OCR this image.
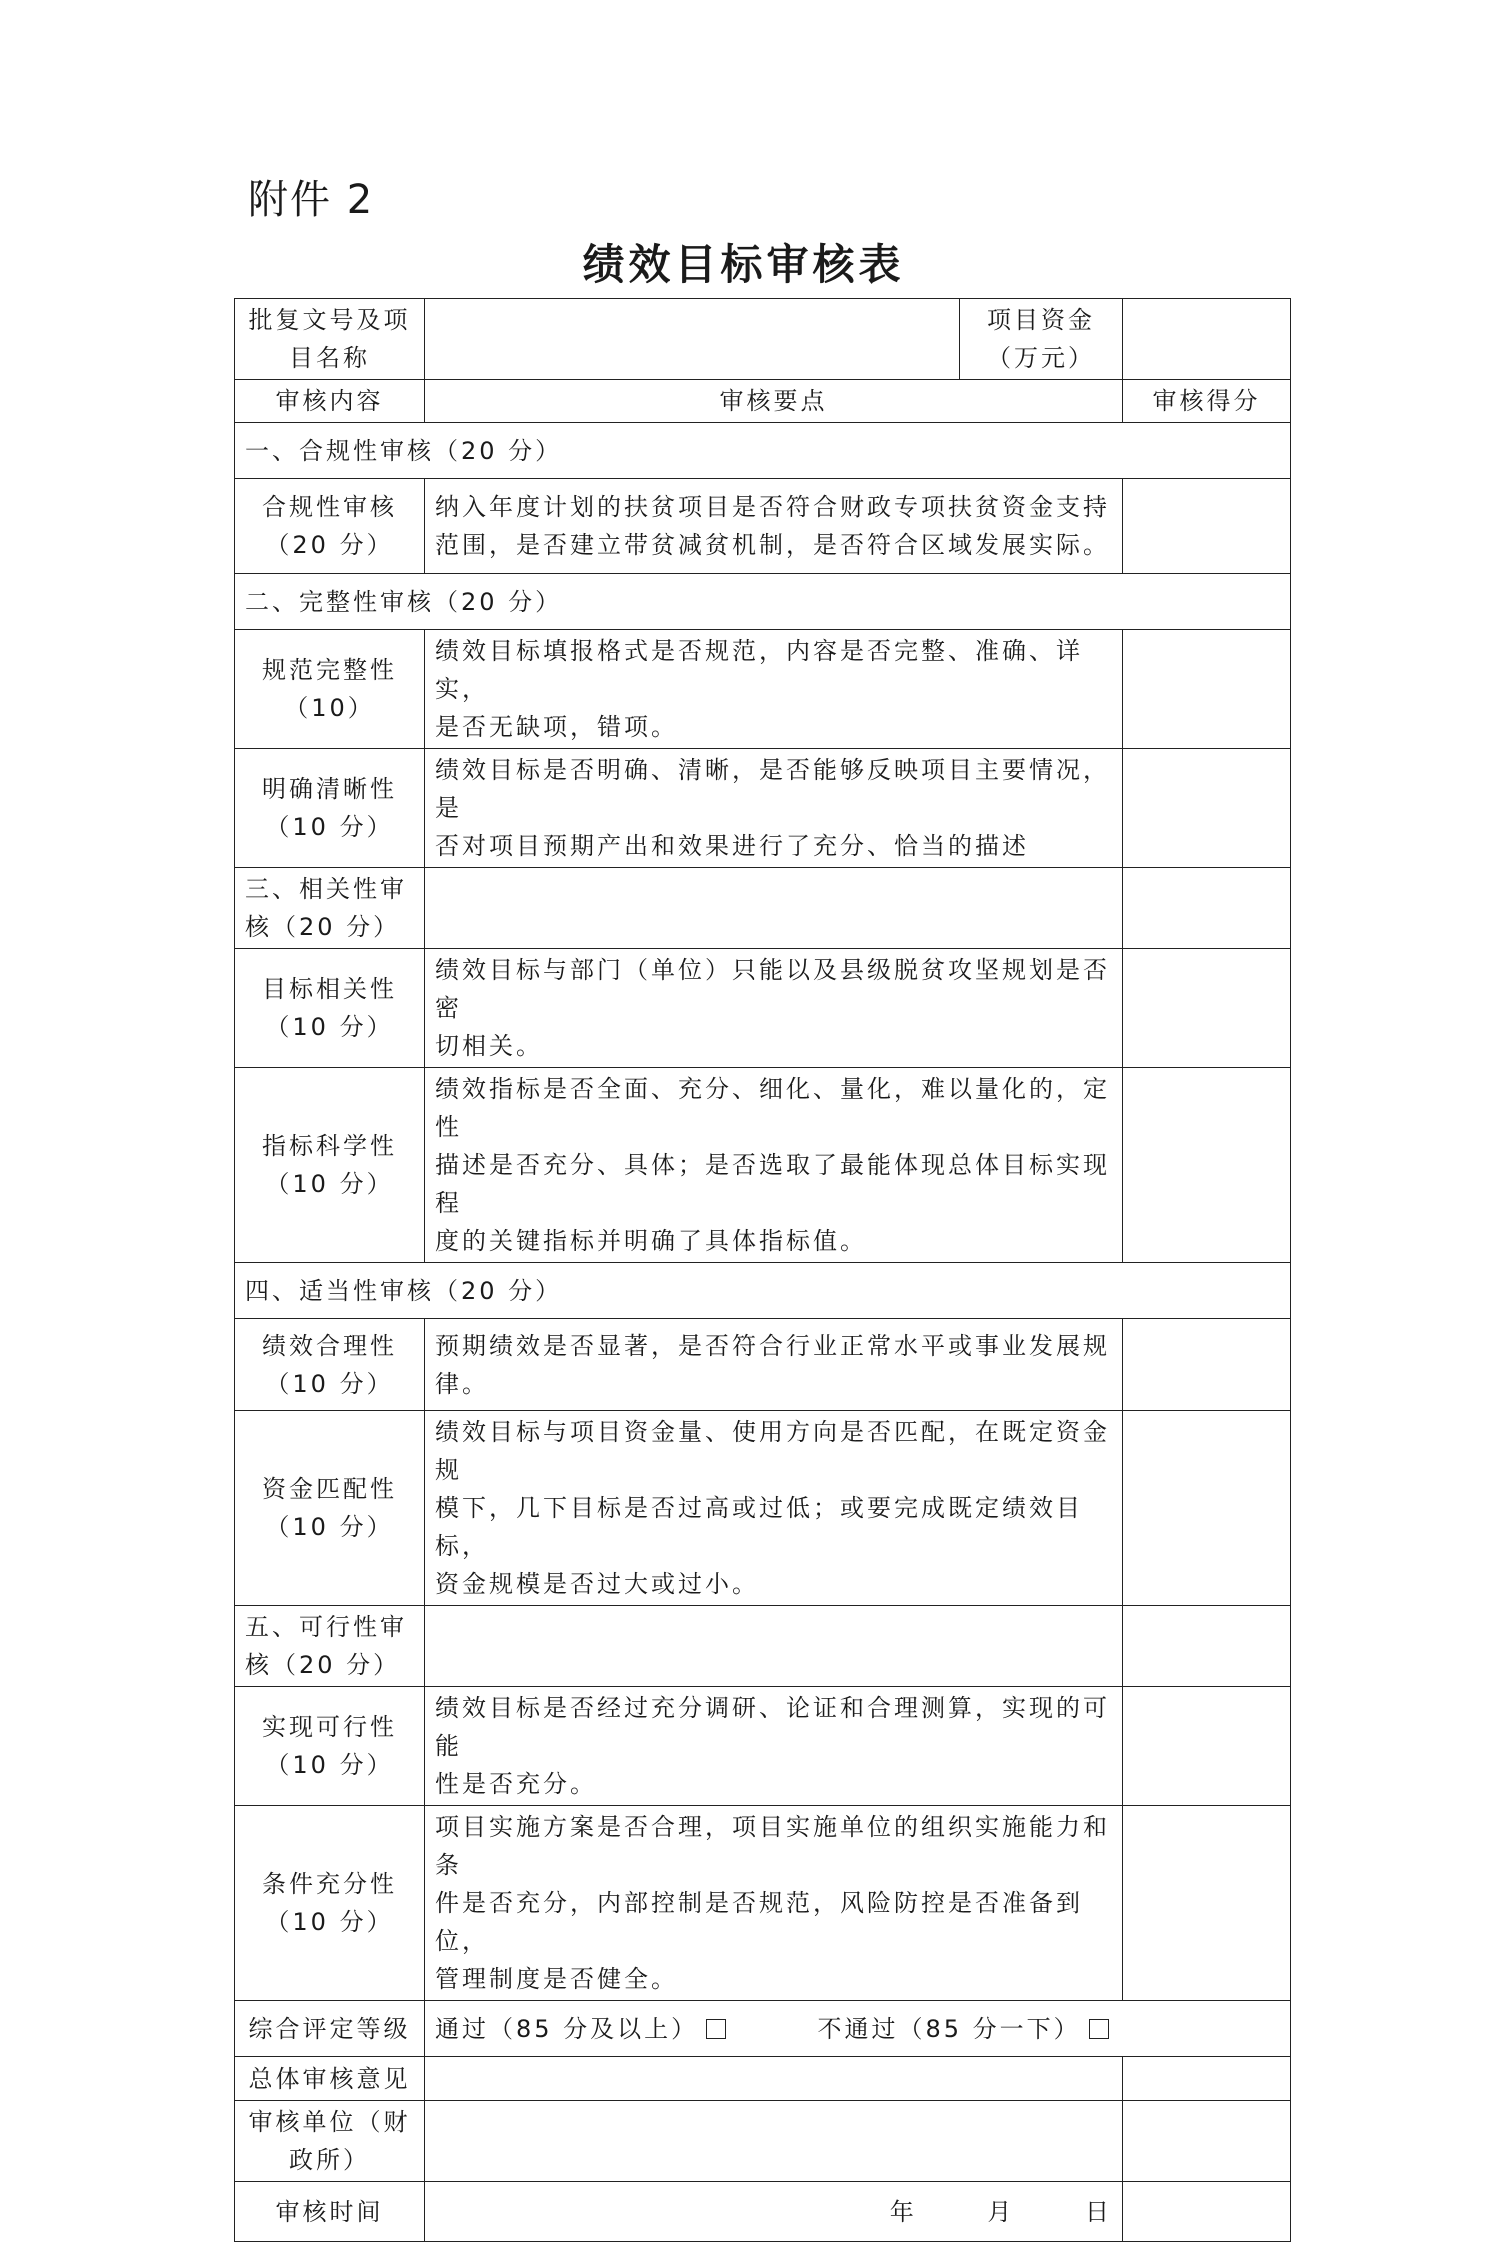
附件 2
绩效目标审核表
批复文号及项
目名称		项目资金
（万元）	

审核内容	审核要点		审核得分
一、合规性审核（20 分）			

合规性审核
（20 分）	纳入年度计划的扶贫项目是否符合财政专项扶贫资金支持
范围，是否建立带贫减贫机制，是否符合区域发展实际。		

二、完整性审核（20 分）			

规范完整性
（10）	绩效目标填报格式是否规范，内容是否完整、准确、详实，
是否无缺项，错项。		

明确清晰性
（10 分）	绩效目标是否明确、清晰，是否能够反映项目主要情况，是
否对项目预期产出和效果进行了充分、恰当的描述		

三、相关性审
核（20 分）			

目标相关性
（10 分）	绩效目标与部门（单位）只能以及县级脱贫攻坚规划是否密
切相关。		

指标科学性
（10 分）	绩效指标是否全面、充分、细化、量化，难以量化的，定性
描述是否充分、具体；是否选取了最能体现总体目标实现程
度的关键指标并明确了具体指标值。		

四、适当性审核（20 分）			

绩效合理性
（10 分）	预期绩效是否显著，是否符合行业正常水平或事业发展规
律。		

资金匹配性
（10 分）	绩效目标与项目资金量、使用方向是否匹配，在既定资金规
模下，几下目标是否过高或过低；或要完成既定绩效目标，
资金规模是否过大或过小。		

五、可行性审
核（20 分）			

实现可行性
（10 分）	绩效目标是否经过充分调研、论证和合理测算，实现的可能
性是否充分。		

条件充分性
（10 分）	项目实施方案是否合理，项目实施单位的组织实施能力和条
件是否充分，内部控制是否规范，风险防控是否准备到位，
管理制度是否健全。		

综合评定等级	通过（85 分及以上） 不通过（85 分一下）		
总体审核意见			

审核单位（财
政所）			

审核时间	年 月 日		
